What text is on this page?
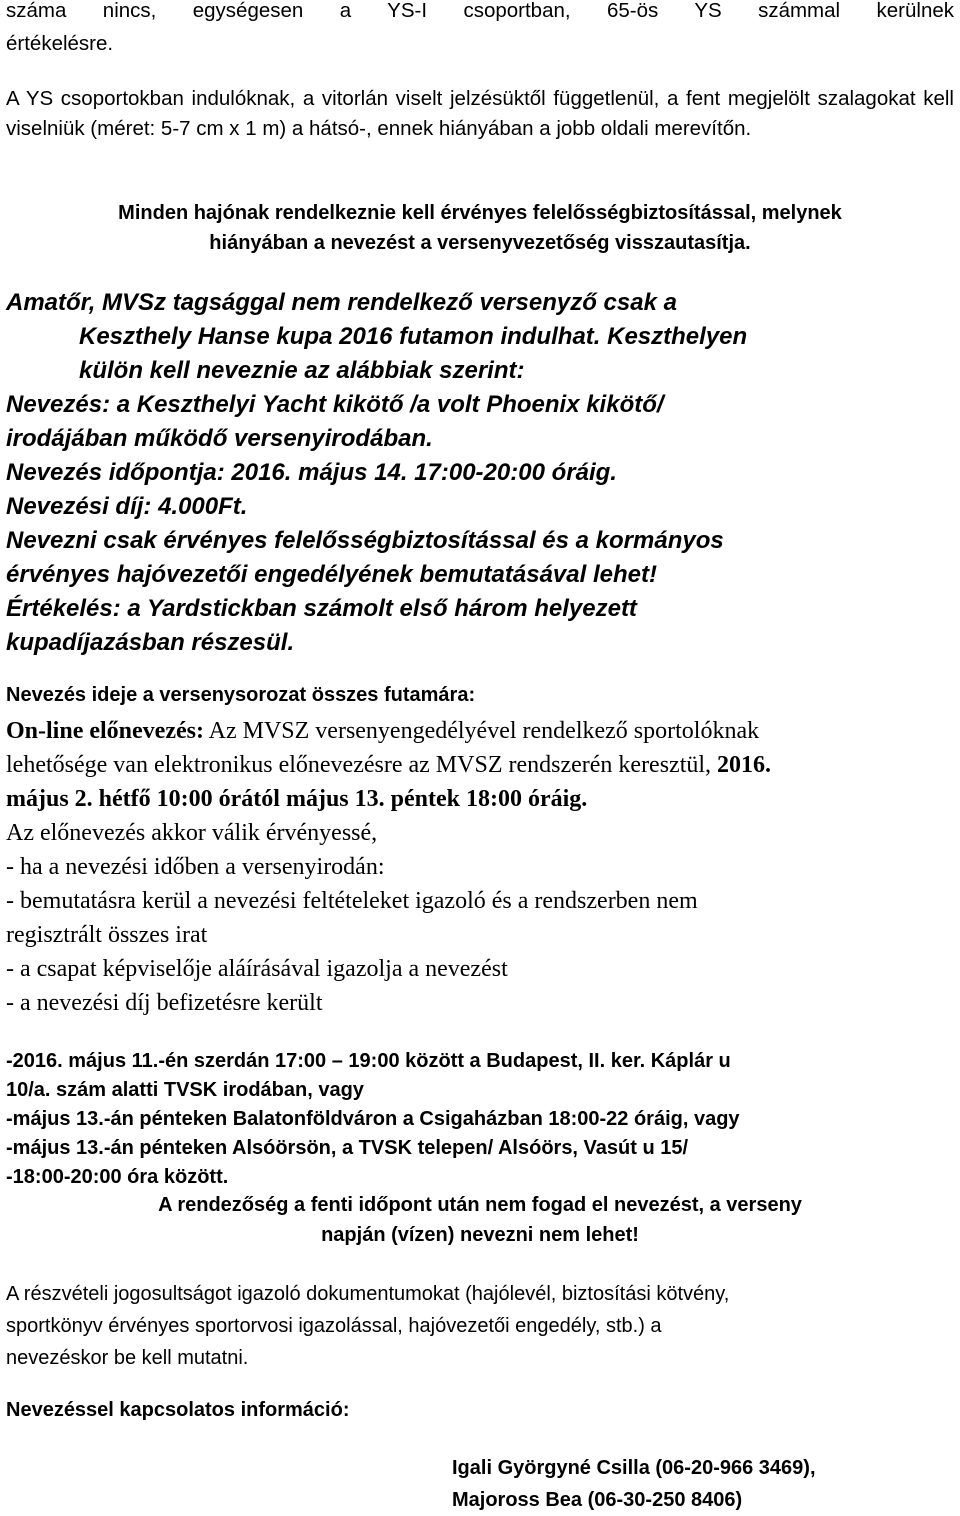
száma nincs, egységesen a YS-I csoportban, 65-ös YS számmal kerülnek

értékelésre.

A YS csoportokban indulóknak, a vitorlán viselt jelzésüktől függetlenül, a fent megjelölt szalagokat kell viselniük (méret: 5-7 cm x 1 m) a hátsó-, ennek hiányában a jobb oldali merevítőn.

Minden hajónak rendelkeznie kell érvényes felelősségbiztosítással, melynek
hiányában a nevezést a versenyvezetőség visszautasítja.
Amatőr, MVSz tagsággal nem rendelkező versenyző csak a
Keszthely Hanse kupa 2016 futamon indulhat. Keszthelyen
külön kell neveznie az alábbiak szerint:
Nevezés: a Keszthelyi Yacht kikötő /a volt Phoenix kikötő/
irodájában működő versenyirodában.
Nevezés időpontja: 2016. május 14. 17:00-20:00 óráig.
Nevezési díj: 4.000Ft.
Nevezni csak érvényes felelősségbiztosítással és a kormányos
érvényes hajóvezetői engedélyének bemutatásával lehet!
Értékelés: a Yardstickban számolt első három helyezett
kupadíjazásban részesül.
Nevezés ideje a versenysorozat összes futamára:
On-line előnevezés: Az MVSZ versenyengedélyével rendelkező sportolóknak
lehetősége van elektronikus előnevezésre az MVSZ rendszerén keresztül, 2016.
május 2. hétfő 10:00 órától május 13. péntek 18:00 óráig.
Az előnevezés akkor válik érvényessé,
- ha a nevezési időben a versenyirodán:
- bemutatásra kerül a nevezési feltételeket igazoló és a rendszerben nem
regisztrált összes irat
- a csapat képviselője aláírásával igazolja a nevezést
- a nevezési díj befizetésre került
-2016. május 11.-én szerdán 17:00 – 19:00 között a Budapest, II. ker. Káplár u
10/a. szám alatti TVSK irodában, vagy
-május 13.-án pénteken Balatonföldváron a Csigaházban 18:00-22 óráig, vagy
-május 13.-án pénteken Alsóörsön, a TVSK telepen/ Alsóörs, Vasút u 15/
-18:00-20:00 óra között.
A rendezőség a fenti időpont után nem fogad el nevezést, a verseny
napján (vízen) nevezni nem lehet!
A részvételi jogosultságot igazoló dokumentumokat (hajólevél, biztosítási kötvény,
sportkönyv érvényes sportorvosi igazolással, hajóvezetői engedély, stb.) a
nevezéskor be kell mutatni.
Nevezéssel kapcsolatos információ:
Igali Györgyné Csilla (06-20-966 3469),
Majoross Bea (06-30-250 8406)
